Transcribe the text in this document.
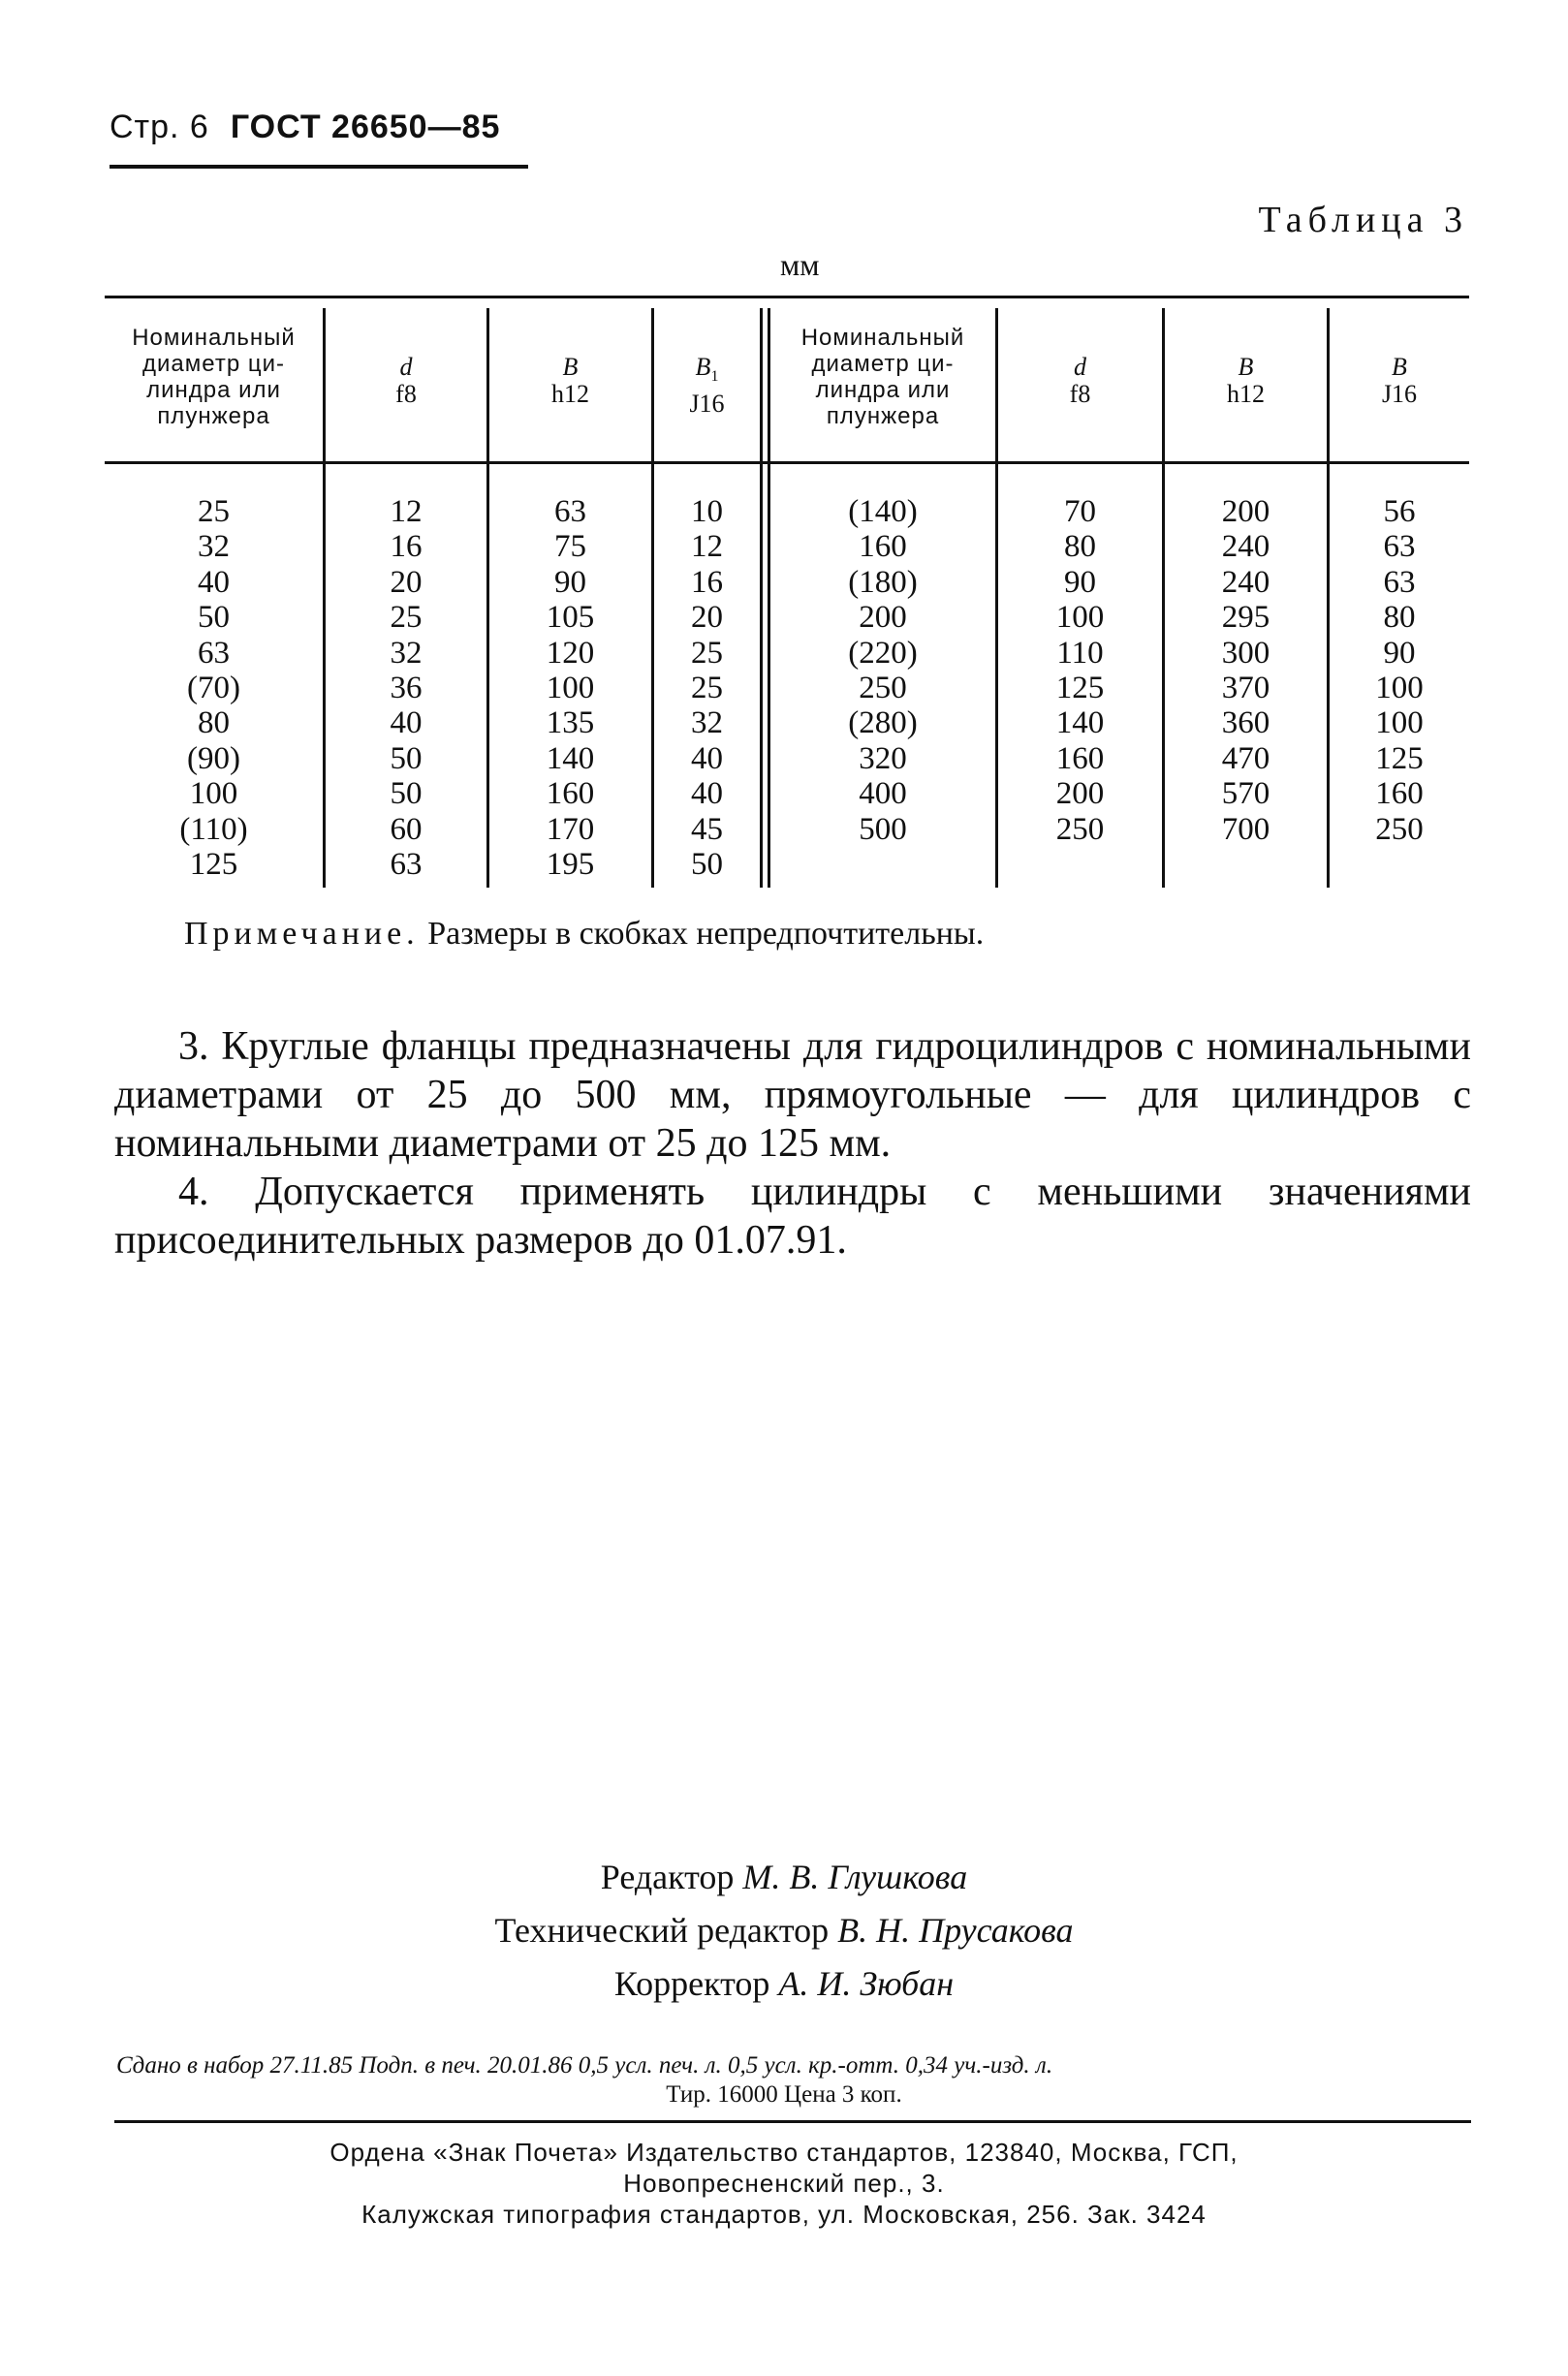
Стр. 6 ГОСТ 26650—85
Таблица 3
мм
Номинальный
диаметр ци-
линдра или
плунжера
d
f8
B
h12
$B_1$
J16
Номинальный
диаметр ци-
линдра или
плунжера
d
f8
B
h12
B
J16
25
32
40
50
63
(70)
80
(90)
100
(110)
125
12
16
20
25
32
36
40
50
50
60
63
63
75
90
105
120
100
135
140
160
170
195
10
12
16
20
25
25
32
40
40
45
50
(140)
160
(180)
200
(220)
250
(280)
320
400
500
70
80
90
100
110
125
140
160
200
250
200
240
240
295
300
370
360
470
570
700
56
63
63
80
90
100
100
125
160
250
Примечание. Размеры в скобках непредпочтительны.
3. Круглые фланцы предназначены для гидроцилиндров с номинальными диаметрами от 25 до 500 мм, прямоугольные — для цилиндров с номинальными диаметрами от 25 до 125 мм.
4. Допускается применять цилиндры с меньшими значениями присоединительных размеров до 01.07.91.
Редактор М. В. Глушкова
Технический редактор В. Н. Прусакова
Корректор А. И. Зюбан
Сдано в набор 27.11.85 Подп. в печ. 20.01.86 0,5 усл. печ. л. 0,5 усл. кр.-отт. 0,34 уч.-изд. л.
Тир. 16000 Цена 3 коп.
Ордена «Знак Почета» Издательство стандартов, 123840, Москва, ГСП,
Новопресненский пер., 3.
Калужская типография стандартов, ул. Московская, 256. Зак. 3424
